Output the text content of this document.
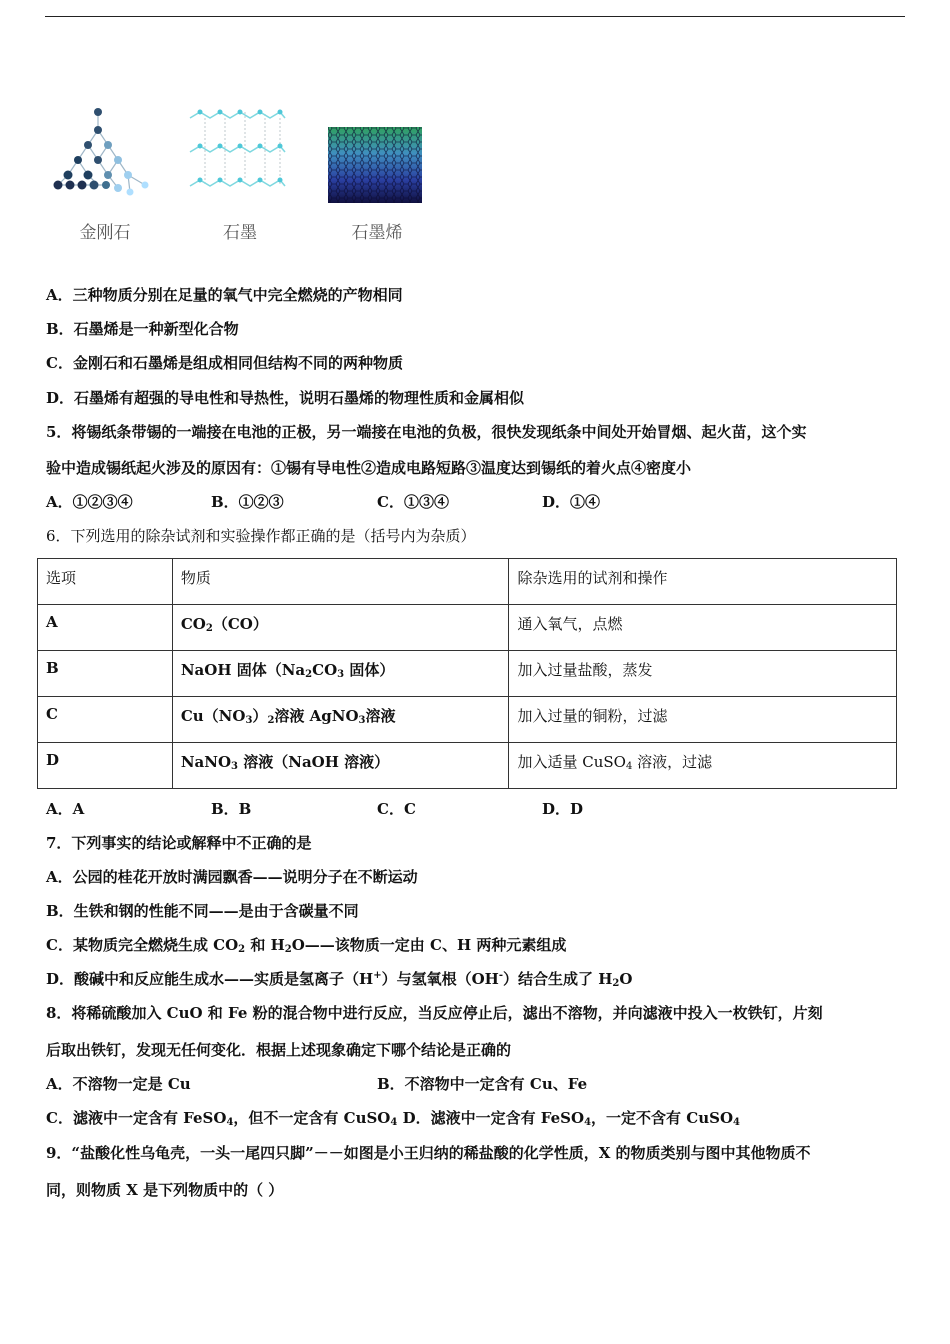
金刚石	石墨	石墨烯
A．三种物质分别在足量的氧气中完全燃烧的产物相同
B．石墨烯是一种新型化合物
C．金刚石和石墨烯是组成相同但结构不同的两种物质
D．石墨烯有超强的导电性和导热性，说明石墨烯的物理性质和金属相似
5．将锡纸条带锡的一端接在电池的正极，另一端接在电池的负极，很快发现纸条中间处开始冒烟、起火苗，这个实
验中造成锡纸起火涉及的原因有：①锡有导电性②造成电路短路③温度达到锡纸的着火点④密度小
A．①②③④	B．①②③	C．①③④	D．①④
6．下列选用的除杂试剂和实验操作都正确的是（括号内为杂质）
选项	物质	除杂选用的试剂和操作
A	$CO_2(CO)$	通入氧气，点燃
B	NaOH 固体（$Na_2CO_3$ 固体）	加入过量盐酸，蒸发
C	$Cu(NO_3)_2$溶液 AgNO$_3$溶液	加入过量的铜粉，过滤
D	NaNO$_3$ 溶液（NaOH 溶液）	加入适量 CuSO$_4$ 溶液，过滤
A．A	B．B	C．C	D．D
7．下列事实的结论或解释中不正确的是
A．公园的桂花开放时满园飘香——说明分子在不断运动
B．生铁和钢的性能不同——是由于含碳量不同
C．某物质完全燃烧生成 $CO_2$ 和 $H_2O——$该物质一定由 C、H 两种元素组成
D．酸碱中和反应能生成水——实质是氢离子（H+）与氢氧根（OH-）结合生成了 $H_2O$
8．将稀硫酸加入 CuO 和 Fe 粉的混合物中进行反应，当反应停止后，滤出不溶物，并向滤液中投入一枚铁钉，片刻
后取出铁钉，发现无任何变化．根据上述现象确定下哪个结论是正确的
A．不溶物一定是 Cu	B．不溶物中一定含有 Cu、Fe
C．滤液中一定含有 FeSO$_4$，但不一定含有 CuSO$_4$ D．滤液中一定含有 FeSO$_4$，一定不含有 CuSO$_4$
9．“盐酸化性乌龟壳，一头一尾四只脚”－－如图是小王归纳的稀盐酸的化学性质，X 的物质类别与图中其他物质不
同，则物质 X 是下列物质中的（ ）
